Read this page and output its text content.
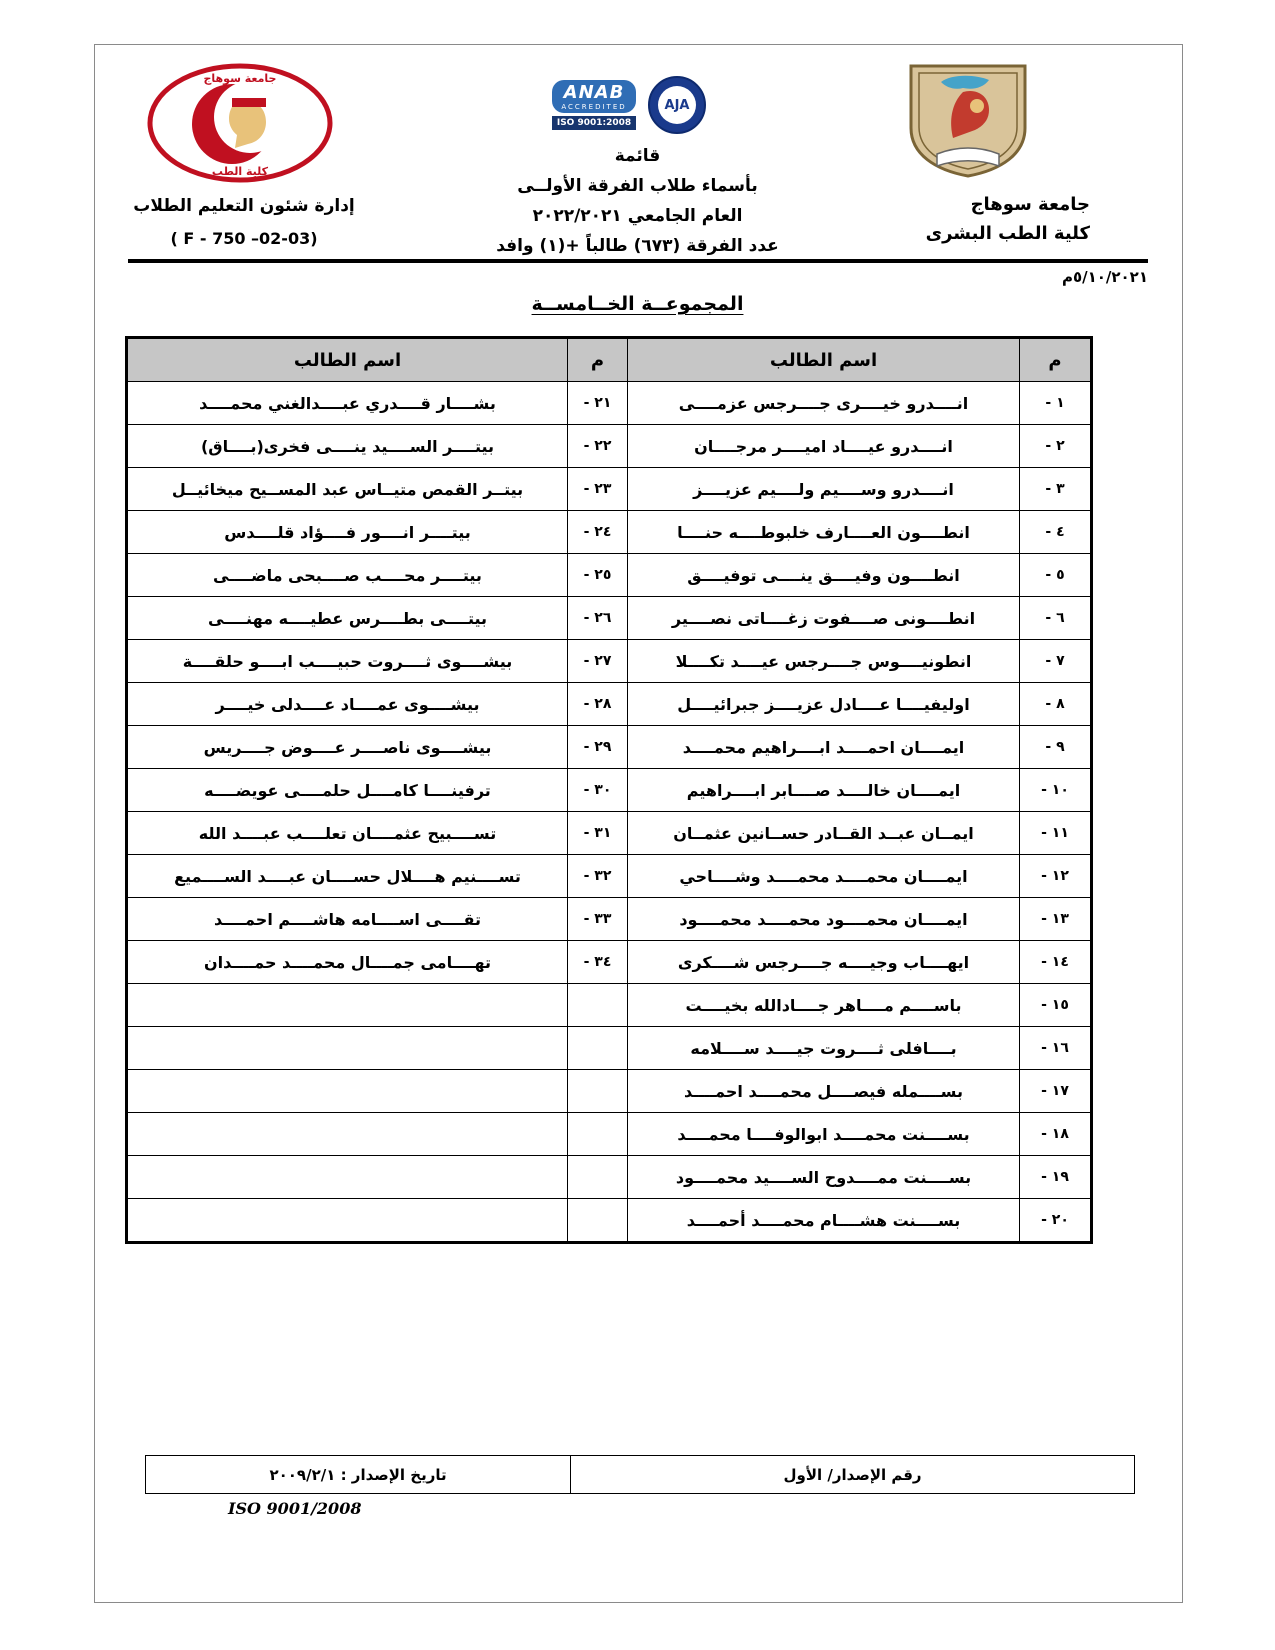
جامعة سوهاج
كلية الطب
إدارة شئون التعليم الطلاب
( F - 750 –02-03)
ANAB
ACCREDITED
ISO 9001:2008
AJA
قائمة
بأسماء طلاب الفرقة الأولــى
العام الجامعي ٢٠٢٢/٢٠٢١
عدد الفرقة (٦٧٣) طالباً +(١) وافد
جامعة سوهاج
كلية الطب البشرى
٥/١٠/٢٠٢١م
المجموعــة الخــامســة
م	اسم الطالب	م	اسم الطالب
١ -	انــــدرو خيــــرى جــــرجس عزمــــى	٢١ -	بشــــار قــــدري عبــــدالغني محمــــد
٢ -	انــــدرو عيــــاد اميــــر مرجــــان	٢٢ -	بيتــــر الســــيد ينــــى فخرى(بــــاق)
٣ -	انــــدرو وســــيم ولــــيم عزيــــز	٢٣ -	بيتــر القمص متيــاس عبد المســيح ميخائيــل
٤ -	انطــــون العــــارف خلبوطــــه حنــــا	٢٤ -	بيتــــر انــــور فــــؤاد قلــــدس
٥ -	انطــــون وفيــــق ينــــى توفيــــق	٢٥ -	بيتــــر محــــب صــــبحى ماضــــى
٦ -	انطــــونى صــــفوت زغــــاتى نصــــير	٢٦ -	بيتــــى بطــــرس عطيــــه مهنــــى
٧ -	انطونيــــوس جــــرجس عيــــد تكــــلا	٢٧ -	بيشــــوى ثــــروت حبيــــب ابــــو حلقــــة
٨ -	اوليفيــــا عــــادل عزيــــز جبرائيــــل	٢٨ -	بيشــــوى عمــــاد عــــدلى خيــــر
٩ -	ايمــــان احمــــد ابــــراهيم محمــــد	٢٩ -	بيشــــوى ناصــــر عــــوض جــــريس
١٠ -	ايمــــان خالــــد صــــابر ابــــراهيم	٣٠ -	ترفينــــا كامــــل حلمــــى عويضــــه
١١ -	ايمــان عبــد القــادر حســانين عثمــان	٣١ -	تســــبيح عثمــــان تعلــــب عبــــد الله
١٢ -	ايمــــان محمــــد محمــــد وشــــاحي	٣٢ -	تســــنيم هــــلال حســــان عبــــد الســــميع
١٣ -	ايمــــان محمــــود محمــــد محمــــود	٣٣ -	تقــــى اســــامه هاشــــم احمــــد
١٤ -	ايهــــاب وجيــــه جــــرجس شــــكرى	٣٤ -	تهــــامى جمــــال محمــــد حمــــدان
١٥ -	باســــم مــــاهر جــــادالله بخيــــت		
١٦ -	بــــافلى ثــــروت جيــــد ســــلامه		
١٧ -	بســــمله فيصــــل محمــــد احمــــد		
١٨ -	بســــنت محمــــد ابوالوفــــا محمــــد		
١٩ -	بســــنت ممــــدوح الســــيد محمــــود		
٢٠ -	بســــنت هشــــام محمــــد أحمــــد		
رقم الإصدار/ الأول	تاريخ الإصدار : ٢٠٠٩/٢/١
ISO 9001/2008
